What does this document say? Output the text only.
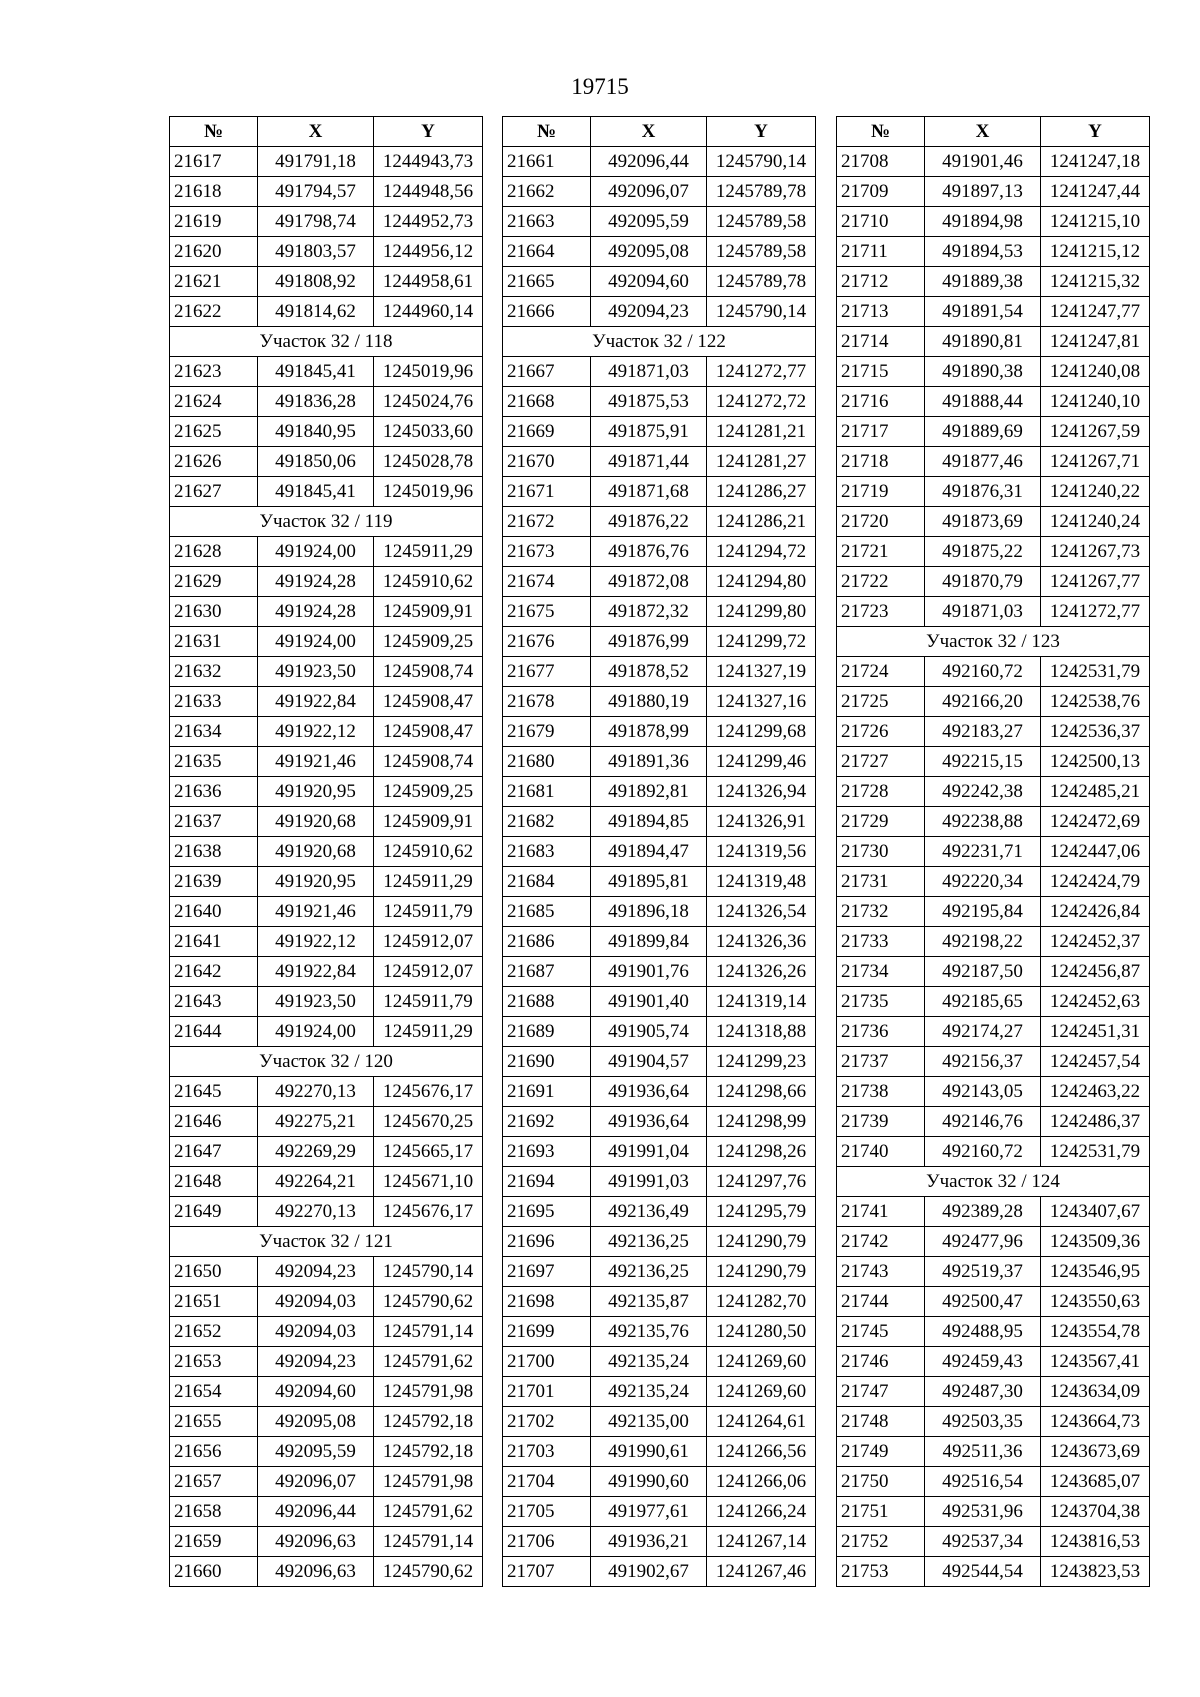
19715
№	X	Y
21617	491791,18	1244943,73
21618	491794,57	1244948,56
21619	491798,74	1244952,73
21620	491803,57	1244956,12
21621	491808,92	1244958,61
21622	491814,62	1244960,14
Участок 32 / 118		
21623	491845,41	1245019,96
21624	491836,28	1245024,76
21625	491840,95	1245033,60
21626	491850,06	1245028,78
21627	491845,41	1245019,96
Участок 32 / 119		
21628	491924,00	1245911,29
21629	491924,28	1245910,62
21630	491924,28	1245909,91
21631	491924,00	1245909,25
21632	491923,50	1245908,74
21633	491922,84	1245908,47
21634	491922,12	1245908,47
21635	491921,46	1245908,74
21636	491920,95	1245909,25
21637	491920,68	1245909,91
21638	491920,68	1245910,62
21639	491920,95	1245911,29
21640	491921,46	1245911,79
21641	491922,12	1245912,07
21642	491922,84	1245912,07
21643	491923,50	1245911,79
21644	491924,00	1245911,29
Участок 32 / 120		
21645	492270,13	1245676,17
21646	492275,21	1245670,25
21647	492269,29	1245665,17
21648	492264,21	1245671,10
21649	492270,13	1245676,17
Участок 32 / 121		
21650	492094,23	1245790,14
21651	492094,03	1245790,62
21652	492094,03	1245791,14
21653	492094,23	1245791,62
21654	492094,60	1245791,98
21655	492095,08	1245792,18
21656	492095,59	1245792,18
21657	492096,07	1245791,98
21658	492096,44	1245791,62
21659	492096,63	1245791,14
21660	492096,63	1245790,62
№	X	Y
21661	492096,44	1245790,14
21662	492096,07	1245789,78
21663	492095,59	1245789,58
21664	492095,08	1245789,58
21665	492094,60	1245789,78
21666	492094,23	1245790,14
Участок 32 / 122		
21667	491871,03	1241272,77
21668	491875,53	1241272,72
21669	491875,91	1241281,21
21670	491871,44	1241281,27
21671	491871,68	1241286,27
21672	491876,22	1241286,21
21673	491876,76	1241294,72
21674	491872,08	1241294,80
21675	491872,32	1241299,80
21676	491876,99	1241299,72
21677	491878,52	1241327,19
21678	491880,19	1241327,16
21679	491878,99	1241299,68
21680	491891,36	1241299,46
21681	491892,81	1241326,94
21682	491894,85	1241326,91
21683	491894,47	1241319,56
21684	491895,81	1241319,48
21685	491896,18	1241326,54
21686	491899,84	1241326,36
21687	491901,76	1241326,26
21688	491901,40	1241319,14
21689	491905,74	1241318,88
21690	491904,57	1241299,23
21691	491936,64	1241298,66
21692	491936,64	1241298,99
21693	491991,04	1241298,26
21694	491991,03	1241297,76
21695	492136,49	1241295,79
21696	492136,25	1241290,79
21697	492136,25	1241290,79
21698	492135,87	1241282,70
21699	492135,76	1241280,50
21700	492135,24	1241269,60
21701	492135,24	1241269,60
21702	492135,00	1241264,61
21703	491990,61	1241266,56
21704	491990,60	1241266,06
21705	491977,61	1241266,24
21706	491936,21	1241267,14
21707	491902,67	1241267,46
№	X	Y
21708	491901,46	1241247,18
21709	491897,13	1241247,44
21710	491894,98	1241215,10
21711	491894,53	1241215,12
21712	491889,38	1241215,32
21713	491891,54	1241247,77
21714	491890,81	1241247,81
21715	491890,38	1241240,08
21716	491888,44	1241240,10
21717	491889,69	1241267,59
21718	491877,46	1241267,71
21719	491876,31	1241240,22
21720	491873,69	1241240,24
21721	491875,22	1241267,73
21722	491870,79	1241267,77
21723	491871,03	1241272,77
Участок 32 / 123		
21724	492160,72	1242531,79
21725	492166,20	1242538,76
21726	492183,27	1242536,37
21727	492215,15	1242500,13
21728	492242,38	1242485,21
21729	492238,88	1242472,69
21730	492231,71	1242447,06
21731	492220,34	1242424,79
21732	492195,84	1242426,84
21733	492198,22	1242452,37
21734	492187,50	1242456,87
21735	492185,65	1242452,63
21736	492174,27	1242451,31
21737	492156,37	1242457,54
21738	492143,05	1242463,22
21739	492146,76	1242486,37
21740	492160,72	1242531,79
Участок 32 / 124		
21741	492389,28	1243407,67
21742	492477,96	1243509,36
21743	492519,37	1243546,95
21744	492500,47	1243550,63
21745	492488,95	1243554,78
21746	492459,43	1243567,41
21747	492487,30	1243634,09
21748	492503,35	1243664,73
21749	492511,36	1243673,69
21750	492516,54	1243685,07
21751	492531,96	1243704,38
21752	492537,34	1243816,53
21753	492544,54	1243823,53
